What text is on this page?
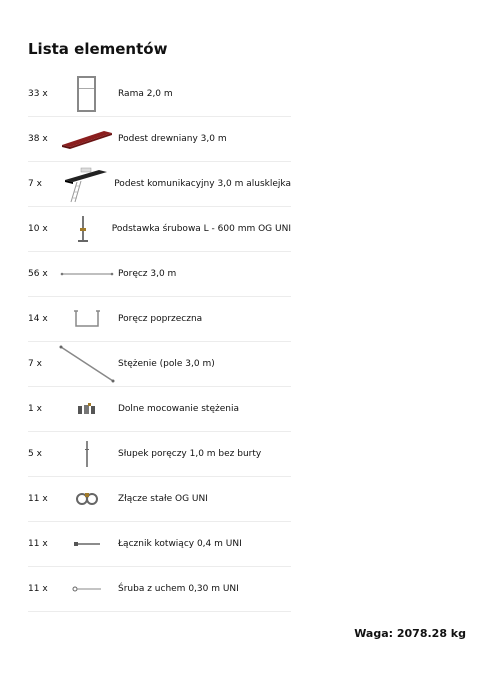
Lista elementów
33 x	Rama 2,0 m
38 x	Podest drewniany 3,0 m
7 x	Podest komunikacyjny 3,0 m alusklejka
10 x	Podstawka śrubowa L - 600 mm OG UNI
56 x	Poręcz 3,0 m
14 x	Poręcz poprzeczna
7 x	Stężenie (pole 3,0 m)
1 x	Dolne mocowanie stężenia
5 x	Słupek poręczy 1,0 m bez burty
11 x	Złącze stałe OG UNI
11 x	Łącznik kotwiący 0,4 m UNI
11 x	Śruba z uchem 0,30 m UNI
Waga: 2078.28 kg
